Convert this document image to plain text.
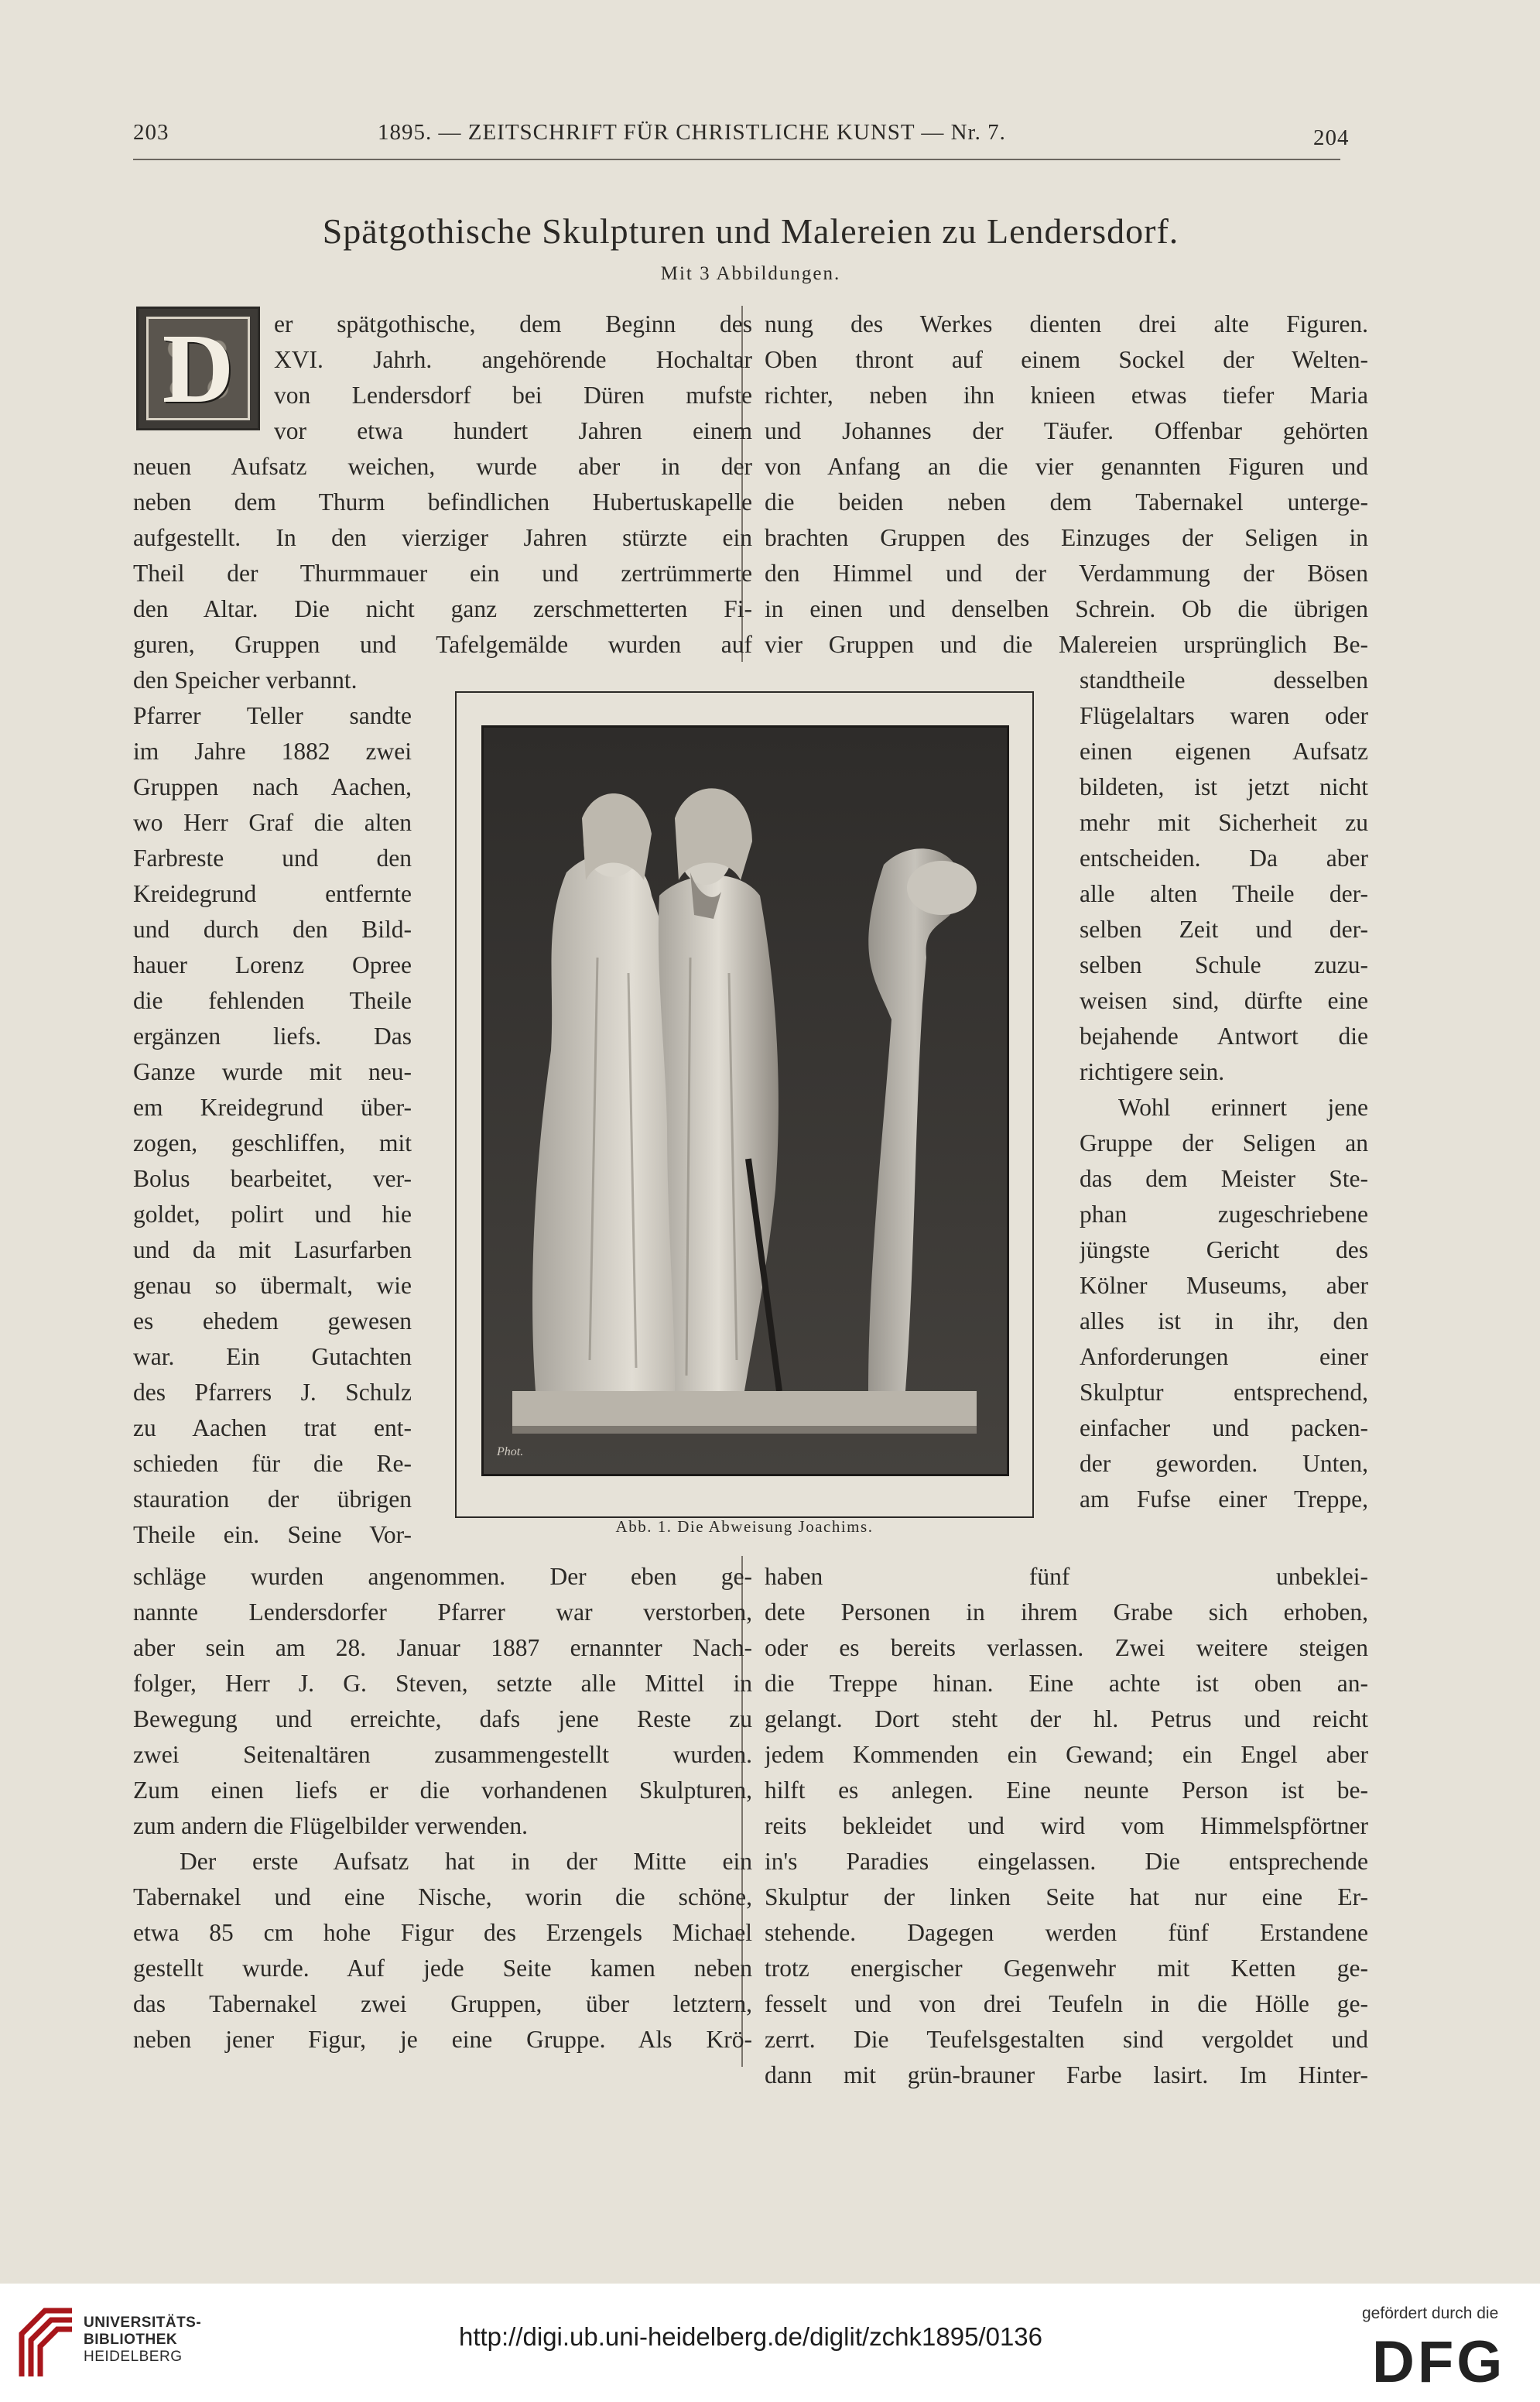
203	1895. — ZEITSCHRIFT FÜR CHRISTLICHE KUNST — Nr. 7.	204
Spätgothische Skulpturen und Malereien zu Lendersdorf.
Mit 3 Abbildungen.
D	er spätgothische, dem Beginn des
XVI. Jahrh. angehörende Hochaltar
von Lendersdorf bei Düren mufste
vor etwa hundert Jahren einem
neuen Aufsatz weichen, wurde aber in der
neben dem Thurm befindlichen Hubertuskapelle
aufgestellt. In den vierziger Jahren stürzte ein
Theil der Thurmmauer ein und zertrümmerte
den Altar. Die nicht ganz zerschmetterten Fi-
guren, Gruppen und Tafelgemälde wurden auf
den Speicher verbannt.
Pfarrer Teller sandte
im Jahre 1882 zwei
Gruppen nach Aachen,
wo Herr Graf die alten
Farbreste und den
Kreidegrund entfernte
und durch den Bild-
hauer Lorenz Opree
die fehlenden Theile
ergänzen liefs. Das
Ganze wurde mit neu-
em Kreidegrund über-
zogen, geschliffen, mit
Bolus bearbeitet, ver-
goldet, polirt und hie
und da mit Lasurfarben
genau so übermalt, wie
es ehedem gewesen
war. Ein Gutachten
des Pfarrers J. Schulz
zu Aachen trat ent-
schieden für die Re-
stauration der übrigen
Theile ein. Seine Vor-
schläge wurden angenommen. Der eben ge-
nannte Lendersdorfer Pfarrer war verstorben,
aber sein am 28. Januar 1887 ernannter Nach-
folger, Herr J. G. Steven, setzte alle Mittel in
Bewegung und erreichte, dafs jene Reste zu
zwei Seitenaltären zusammengestellt wurden.
Zum einen liefs er die vorhandenen Skulpturen,
zum andern die Flügelbilder verwenden.
Der erste Aufsatz hat in der Mitte ein
Tabernakel und eine Nische, worin die schöne,
etwa 85 cm hohe Figur des Erzengels Michael
gestellt wurde. Auf jede Seite kamen neben
das Tabernakel zwei Gruppen, über letztern,
neben jener Figur, je eine Gruppe. Als Krö-
nung des Werkes dienten drei alte Figuren.
Oben thront auf einem Sockel der Welten-
richter, neben ihn knieen etwas tiefer Maria
und Johannes der Täufer. Offenbar gehörten
von Anfang an die vier genannten Figuren und
die beiden neben dem Tabernakel unterge-
brachten Gruppen des Einzuges der Seligen in
den Himmel und der Verdammung der Bösen
in einen und denselben Schrein. Ob die übrigen
vier Gruppen und die Malereien ursprünglich Be-
standtheile desselben
Flügelaltars waren oder
einen eigenen Aufsatz
bildeten, ist jetzt nicht
mehr mit Sicherheit zu
entscheiden. Da aber
alle alten Theile der-
selben Zeit und der-
selben Schule zuzu-
weisen sind, dürfte eine
bejahende Antwort die
richtigere sein.
Wohl erinnert jene
Gruppe der Seligen an
das dem Meister Ste-
phan zugeschriebene
jüngste Gericht des
Kölner Museums, aber
alles ist in ihr, den
Anforderungen einer
Skulptur entsprechend,
einfacher und packen-
der geworden. Unten,
am Fufse einer Treppe,
haben fünf unbeklei-
dete Personen in ihrem Grabe sich erhoben,
oder es bereits verlassen. Zwei weitere steigen
die Treppe hinan. Eine achte ist oben an-
gelangt. Dort steht der hl. Petrus und reicht
jedem Kommenden ein Gewand; ein Engel aber
hilft es anlegen. Eine neunte Person ist be-
reits bekleidet und wird vom Himmelspförtner
in's Paradies eingelassen. Die entsprechende
Skulptur der linken Seite hat nur eine Er-
stehende. Dagegen werden fünf Erstandene
trotz energischer Gegenwehr mit Ketten ge-
fesselt und von drei Teufeln in die Hölle ge-
zerrt. Die Teufelsgestalten sind vergoldet und
dann mit grün-brauner Farbe lasirt. Im Hinter-
Phot.
Abb. 1. Die Abweisung Joachims.
UNIVERSITÄTS-
BIBLIOTHEK
HEIDELBERG
http://digi.ub.uni-heidelberg.de/diglit/zchk1895/0136
gefördert durch die
DFG
